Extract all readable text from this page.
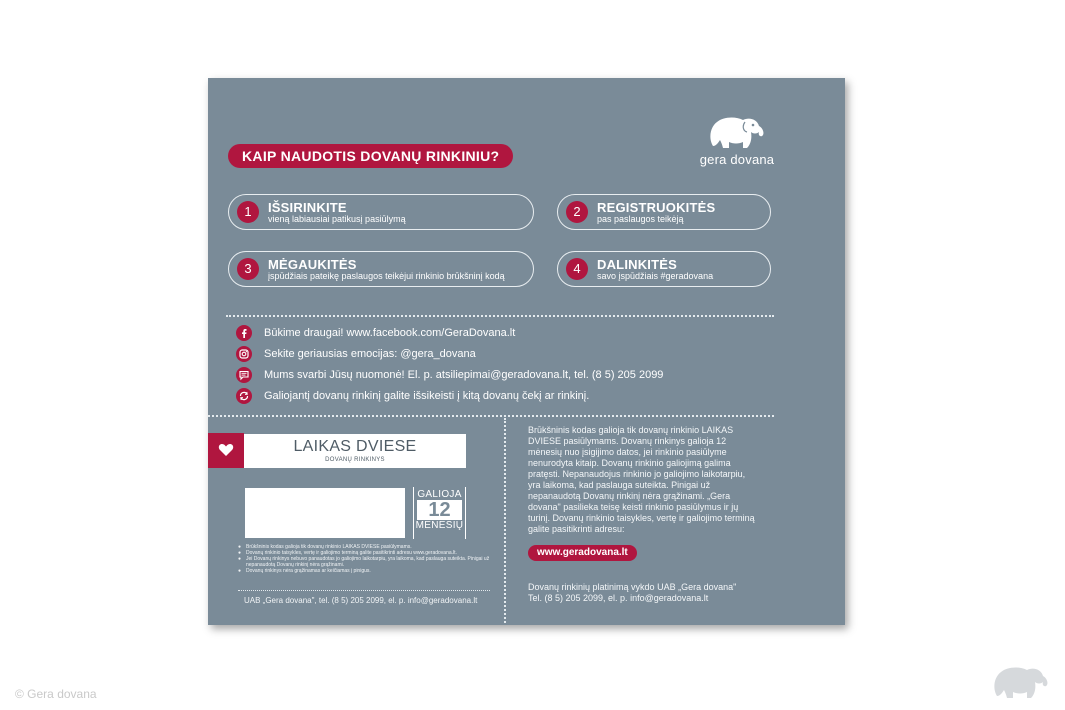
gera dovana
KAIP NAUDOTIS DOVANŲ RINKINIU?
1	IŠSIRINKITE
vieną labiausiai patikusį pasiūlymą	2	REGISTRUOKITĖS
pas paslaugos teikėją
3	MĖGAUKITĖS
įspūdžiais pateikę paslaugos teikėjui rinkinio brūkšninį kodą	4	DALINKITĖS
savo įspūdžiais #geradovana
Būkime draugai! www.facebook.com/GeraDovana.lt
Sekite geriausias emocijas: @gera_dovana
Mums svarbi Jūsų nuomonė! El. p. atsiliepimai@geradovana.lt, tel. (8 5) 205 2099
Galiojantį dovanų rinkinį galite išsikeisti į kitą dovanų čekį ar rinkinį.
LAIKAS DVIESE
DOVANŲ RINKINYS
GALIOJA
12
MĖNESIŲ
● Brūkšninis kodas galioja tik dovanų rinkinio LAIKAS DVIESE pasiūlymams.
● Dovanų rinkinio taisykles, vertę ir galiojimo terminą galite pasitikrinti adresu www.geradovana.lt.
● Jei Dovanų rinkinys nebuvo panaudotas jo galiojimo laikotarpiu, yra laikoma, kad paslauga suteikta. Pinigai už nepanaudotą Dovanų rinkinį nėra grąžinami.
● Dovanų rinkinys nėra grąžinamas ar keičiamas į pinigus.
UAB „Gera dovana", tel. (8 5) 205 2099, el. p. info@geradovana.lt
Brūkšninis kodas galioja tik dovanų rinkinio LAIKAS DVIESE pasiūlymams. Dovanų rinkinys galioja 12 mėnesių nuo įsigijimo datos, jei rinkinio pasiūlyme nenurodyta kitaip. Dovanų rinkinio galiojimą galima pratęsti. Nepanaudojus rinkinio jo galiojimo laikotarpiu, yra laikoma, kad paslauga suteikta. Pinigai už nepanaudotą Dovanų rinkinį nėra grąžinami. „Gera dovana" pasilieka teisę keisti rinkinio pasiūlymus ir jų turinį. Dovanų rinkinio taisykles, vertę ir galiojimo terminą galite pasitikrinti adresu:
www.geradovana.lt
Dovanų rinkinių platinimą vykdo UAB „Gera dovana"
Tel. (8 5) 205 2099, el. p. info@geradovana.lt
© Gera dovana
